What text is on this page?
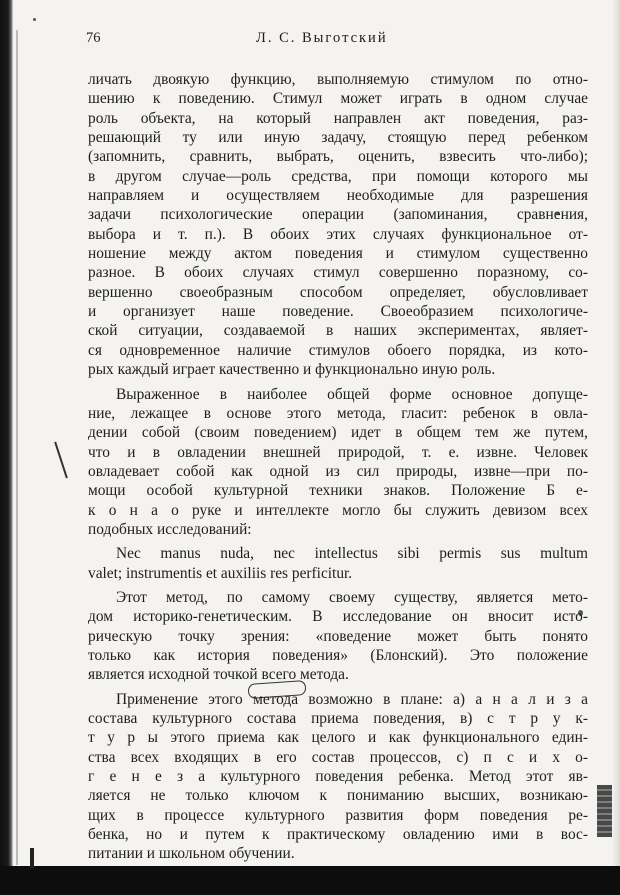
76	Л. С. Выготский
личать двоякую функцию, выполняемую стимулом по отно-
шению к поведению. Стимул может играть в одном случае
роль объекта, на который направлен акт поведения, раз-
решающий ту или иную задачу, стоящую перед ребенком
(запомнить, сравнить, выбрать, оценить, взвесить что-либо);
в другом случае—роль средства, при помощи которого мы
направляем и осуществляем необходимые для разрешения
задачи психологические операции (запоминания, сравнения,
выбора и т. п.). В обоих этих случаях функциональное от-
ношение между актом поведения и стимулом существенно
разное. В обоих случаях стимул совершенно поразному, со-
вершенно своеобразным способом определяет, обусловливает
и организует наше поведение. Своеобразием психологиче-
ской ситуации, создаваемой в наших экспериментах, являет-
ся одновременное наличие стимулов обоего порядка, из кото-
рых каждый играет качественно и функционально иную роль.
Выраженное в наиболее общей форме основное допуще-
ние, лежащее в основе этого метода, гласит: ребенок в овла-
дении собой (своим поведением) идет в общем тем же путем,
что и в овладении внешней природой, т. е. извне. Человек
овладевает собой как одной из сил природы, извне—при по-
мощи особой культурной техники знаков. Положение Б е-
к о н а о руке и интеллекте могло бы служить девизом всех
подобных исследований:
Nec manus nuda, nec intellectus sibi permis sus multum
valet; instrumentis et auxiliis res perficitur.
Этот метод, по самому своему существу, является мето-
дом историко-генетическим. В исследование он вносит исто-
рическую точку зрения: «поведение может быть понято
только как история поведения» (Блонский). Это положение
является исходной точкой всего метода.
Применение этого метода возможно в плане: а) а н а л и з а
состава культурного состава приема поведения, в) с т р у к-
т у р ы этого приема как целого и как функционального един-
ства всех входящих в его состав процессов, с) п с и х о-
г е н е з а культурного поведения ребенка. Метод этот яв-
ляется не только ключом к пониманию высших, возникаю-
щих в процессе культурного развития форм поведения ре-
бенка, но и путем к практическому овладению ими в вос-
питании и школьном обучении.
